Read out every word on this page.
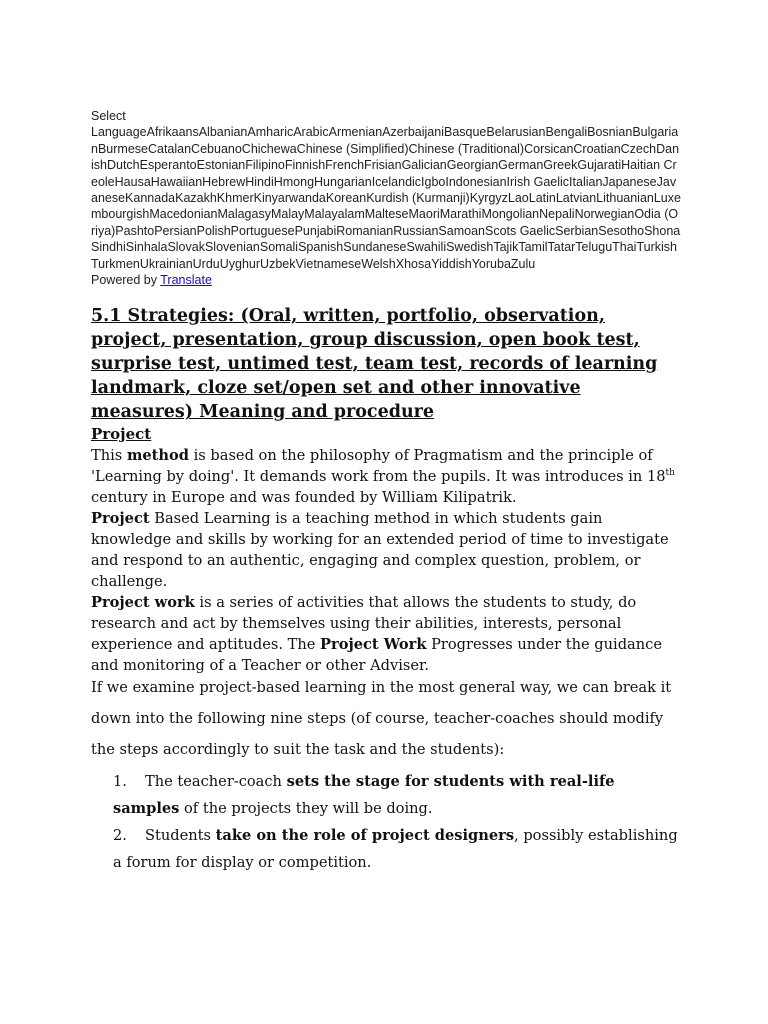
Select
LanguageAfrikaansAlbanianAmharicArabicArmenianAzerbaijaniBasqueBelarusianBengaliBosnianBulgarianBurmeseCatalanCebuanoChichewaChinese (Simplified)Chinese (Traditional)CorsicanCroatianCzechDanishDutchEsperantoEstonianFilipinoFinnishFrenchFrisianGalicianGeorgianGermanGreekGujaratiHaitian CreoleHausaHawaiianHebrewHindiHmongHungarianIcelandicIgboIndonesianIrish GaelicItalianJapaneseJavaneseKannadaKazakhKhmerKinyarwandaKoreanKurdish (Kurmanji)KyrgyzLaoLatinLatvianLithuanianLuxembourgishMacedonianMalagasyMalayMalayalamMalteseMaoriMarathiMongolianNepaliNorwegianOdia (Oriya)PashtoPersianPolishPortuguesePunjabiRomanianRussianSamoanScots GaelicSerbianSesothoShonaSindhiSinhalaSlovakSlovenianSomaliSpanishSundaneseSwahiliSwedishTajikTamilTatarTeluguThaiTurkishTurkmenUkrainianUrduUyghurUzbekVietnameseWelshXhosaYiddishYorubaZulu
Powered by Translate
5.1 Strategies: (Oral, written, portfolio, observation, project, presentation, group discussion, open book test, surprise test, untimed test, team test, records of learning landmark, cloze set/open set and other innovative measures) Meaning and procedure
Project

This method is based on the philosophy of Pragmatism and the principle of 'Learning by doing'. It demands work from the pupils. It was introduces in 18th century in Europe and was founded by William Kilipatrik.

Project Based Learning is a teaching method in which students gain knowledge and skills by working for an extended period of time to investigate and respond to an authentic, engaging and complex question, problem, or challenge.

Project work is a series of activities that allows the students to study, do research and act by themselves using their abilities, interests, personal experience and aptitudes. The Project Work Progresses under the guidance and monitoring of a Teacher or other Adviser.

If we examine project-based learning in the most general way, we can break it down into the following nine steps (of course, teacher-coaches should modify the steps accordingly to suit the task and the students):

1. The teacher-coach sets the stage for students with real-life samples of the projects they will be doing.
2. Students take on the role of project designers, possibly establishing a forum for display or competition.
